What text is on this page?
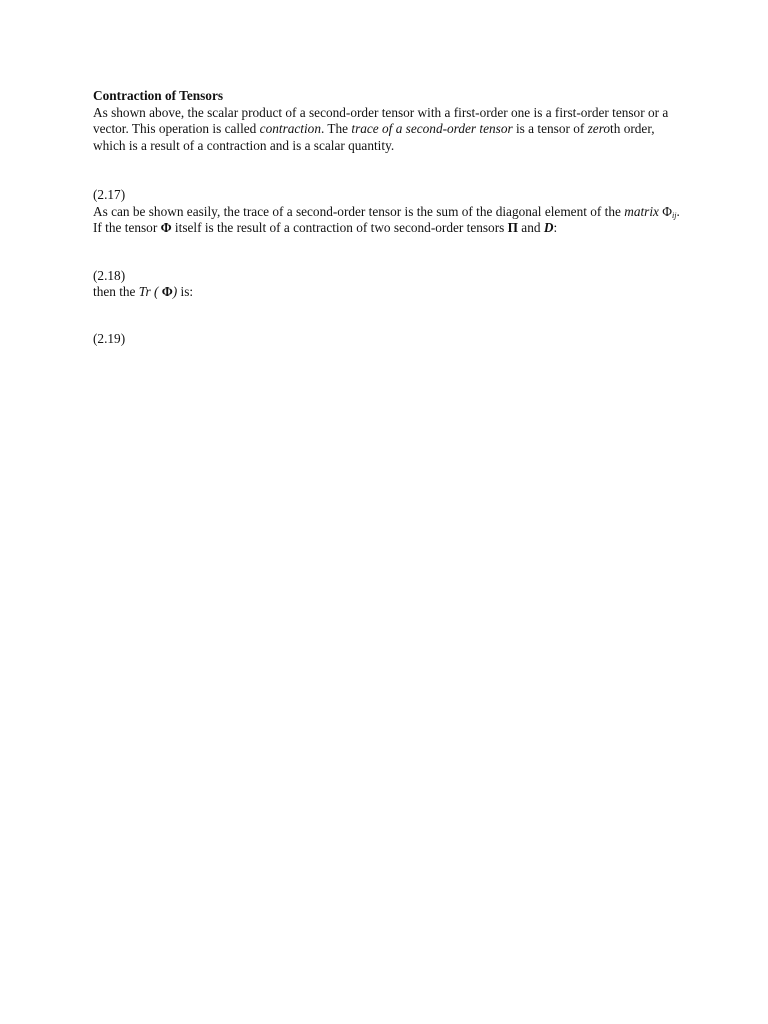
Contraction of Tensors

As shown above, the scalar product of a second-order tensor with a first-order one is a first-order tensor or a vector. This operation is called contraction. The trace of a second-order tensor is a tensor of zeroth order, which is a result of a contraction and is a scalar quantity.

(2.17)

As can be shown easily, the trace of a second-order tensor is the sum of the diagonal element of the matrix $\Phi_{ij}$. If the tensor Φ itself is the result of a contraction of two second-order tensors Π and D:

(2.18)

then the Tr ( Φ) is:

(2.19)
